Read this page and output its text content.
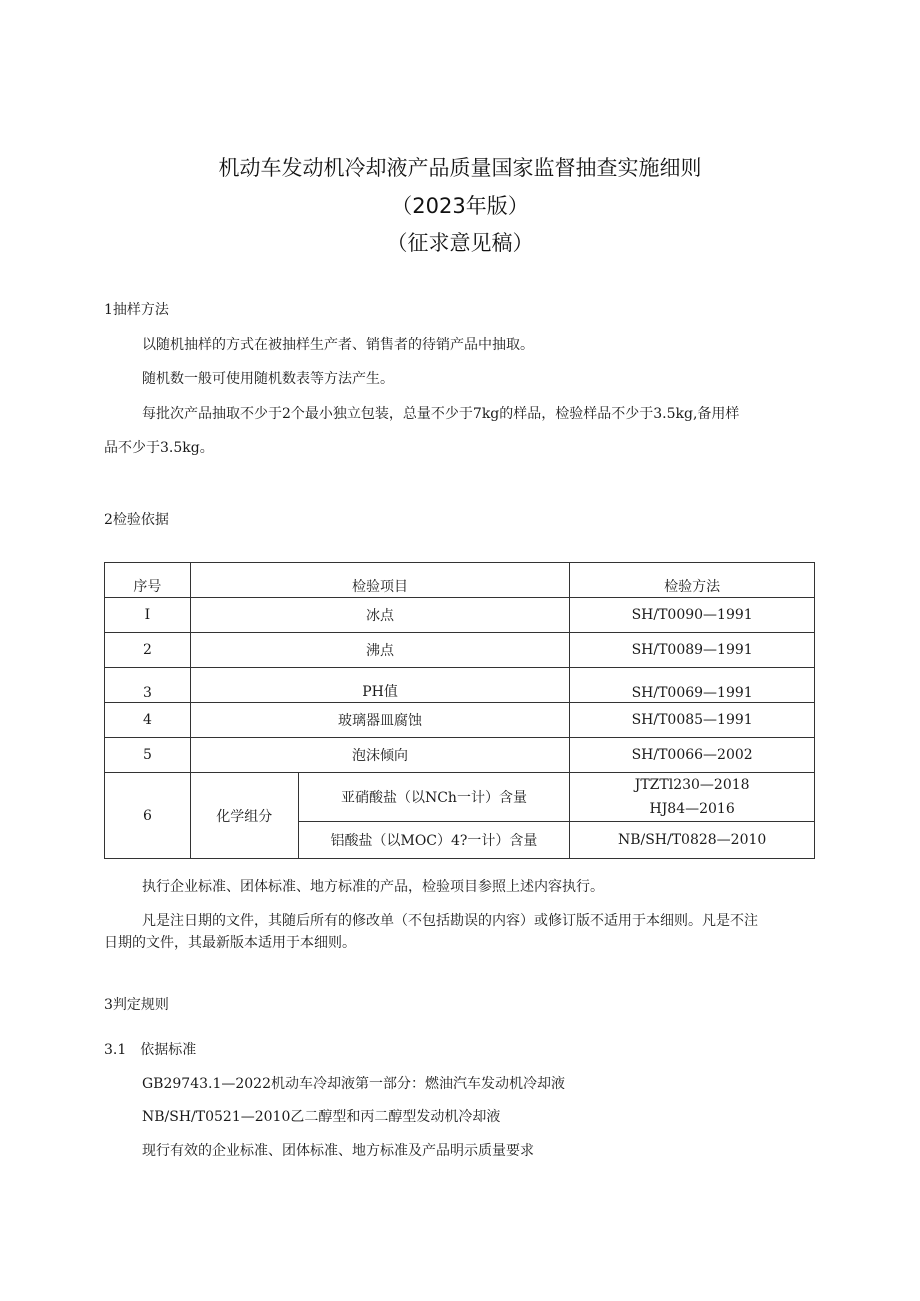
机动车发动机冷却液产品质量国家监督抽查实施细则
（2023年版）
（征求意见稿）
1抽样方法
以随机抽样的方式在被抽样生产者、销售者的待销产品中抽取。
随机数一般可使用随机数表等方法产生。
每批次产品抽取不少于2个最小独立包装，总量不少于7kg的样品，检验样品不少于3.5kg,备用样
品不少于3.5kg。
2检验依据
序号	检验项目		检验方法
I	冰点		SH/T0090—1991
2	沸点		SH/T0089—1991
3	PH值		SH/T0069—1991
4	玻璃器皿腐蚀		SH/T0085—1991
5	泡沫倾向		SH/T0066—2002
6	化学组分	亚硝酸盐（以NCh一计）含量	JTZTl230—2018
HJ84—2016

		铝酸盐（以MOC）4?一计）含量	NB/SH/T0828—2010
执行企业标准、团体标准、地方标准的产品，检验项目参照上述内容执行。
凡是注日期的文件，其随后所有的修改单（不包括勘误的内容）或修订版不适用于本细则。凡是不注
日期的文件，其最新版本适用于本细则。
3判定规则
3.1　依据标准
GB29743.1—2022机动车冷却液第一部分：燃油汽车发动机冷却液
NB/SH/T0521—2010乙二醇型和丙二醇型发动机冷却液
现行有效的企业标准、团体标准、地方标准及产品明示质量要求
